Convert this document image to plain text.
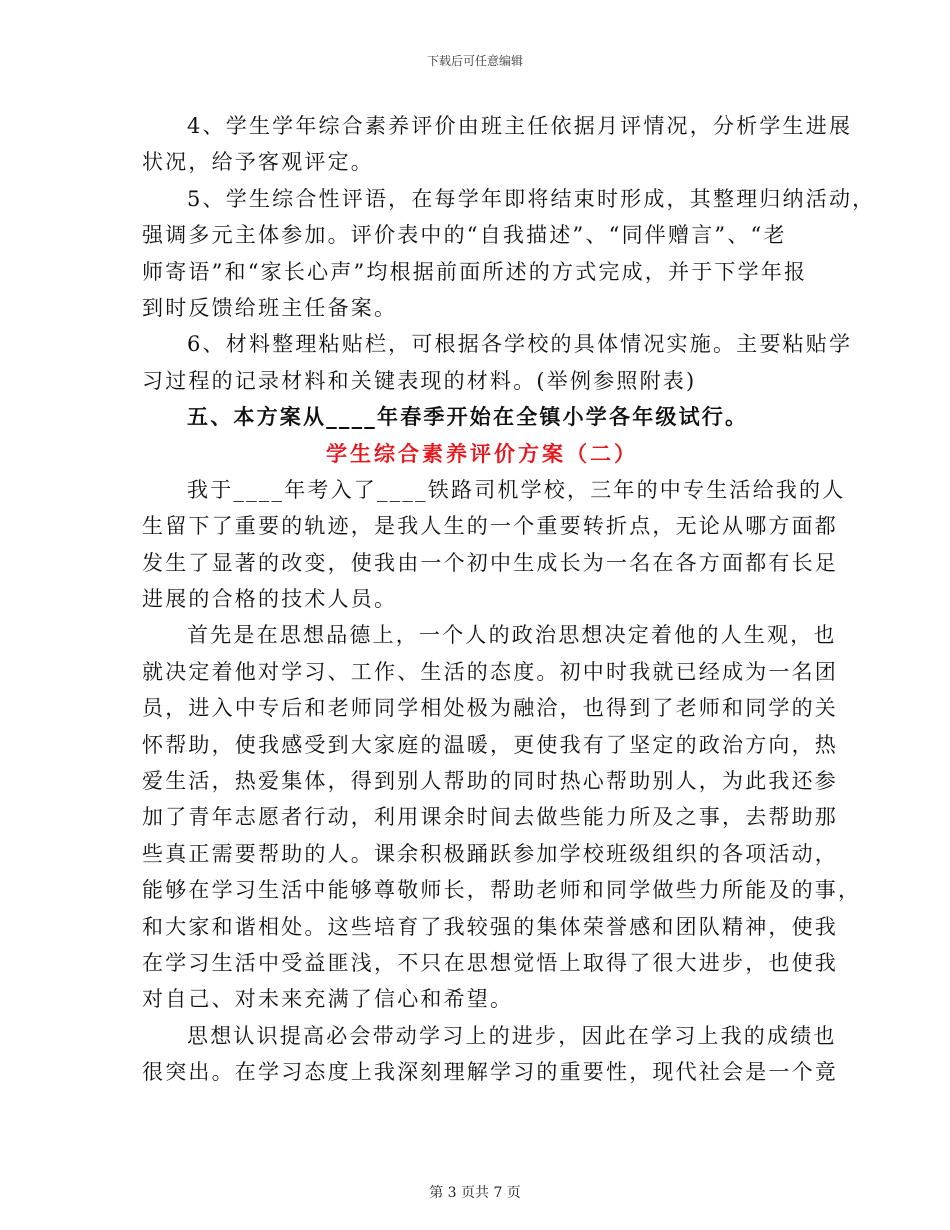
下载后可任意编辑
4、学生学年综合素养评价由班主任依据月评情况，分析学生进展
状况，给予客观评定。
5、学生综合性评语，在每学年即将结束时形成，其整理归纳活动，
强调多元主体参加。评价表中的“自我描述”、“同伴赠言”、“老
师寄语”和“家长心声”均根据前面所述的方式完成，并于下学年报
到时反馈给班主任备案。
6、材料整理粘贴栏，可根据各学校的具体情况实施。主要粘贴学
习过程的记录材料和关键表现的材料。(举例参照附表)
五、本方案从____年春季开始在全镇小学各年级试行。
学生综合素养评价方案（二）
我于____年考入了____铁路司机学校，三年的中专生活给我的人
生留下了重要的轨迹，是我人生的一个重要转折点，无论从哪方面都
发生了显著的改变，使我由一个初中生成长为一名在各方面都有长足
进展的合格的技术人员。
首先是在思想品德上，一个人的政治思想决定着他的人生观，也
就决定着他对学习、工作、生活的态度。初中时我就已经成为一名团
员，进入中专后和老师同学相处极为融洽，也得到了老师和同学的关
怀帮助，使我感受到大家庭的温暖，更使我有了坚定的政治方向，热
爱生活，热爱集体，得到别人帮助的同时热心帮助别人，为此我还参
加了青年志愿者行动，利用课余时间去做些能力所及之事，去帮助那
些真正需要帮助的人。课余积极踊跃参加学校班级组织的各项活动，
能够在学习生活中能够尊敬师长，帮助老师和同学做些力所能及的事，
和大家和谐相处。这些培育了我较强的集体荣誉感和团队精神，使我
在学习生活中受益匪浅，不只在思想觉悟上取得了很大进步，也使我
对自己、对未来充满了信心和希望。
思想认识提高必会带动学习上的进步，因此在学习上我的成绩也
很突出。在学习态度上我深刻理解学习的重要性，现代社会是一个竟
第 3 页共 7 页
